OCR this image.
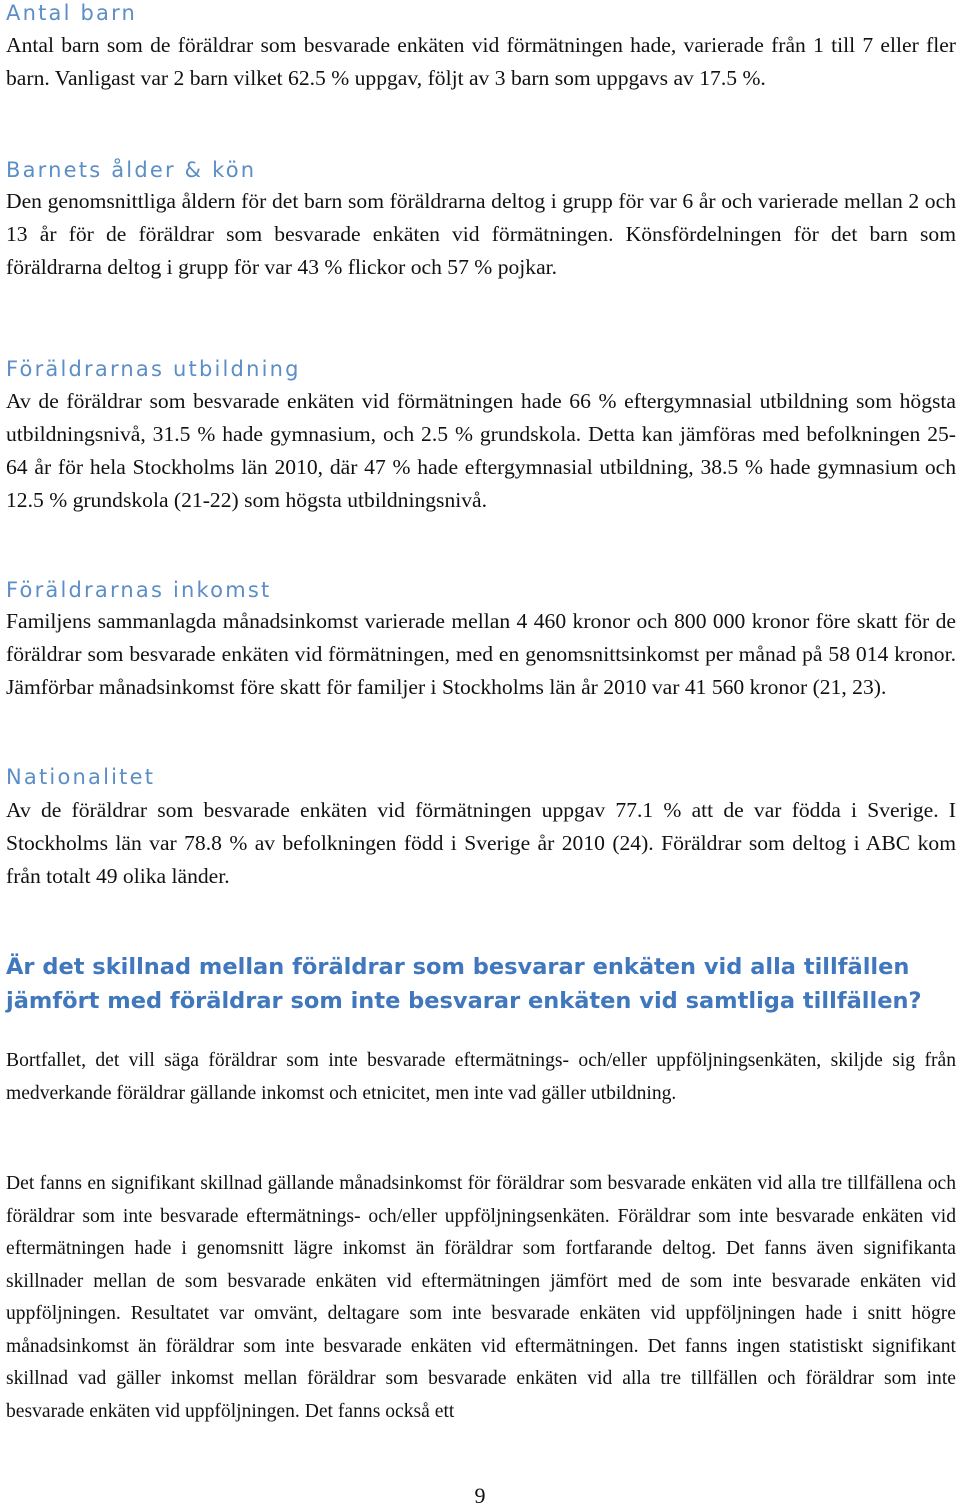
Antal barn

Antal barn som de föräldrar som besvarade enkäten vid förmätningen hade, varierade från 1 till 7 eller fler barn. Vanligast var 2 barn vilket 62.5 % uppgav, följt av 3 barn som uppgavs av 17.5 %.

Barnets ålder & kön

Den genomsnittliga åldern för det barn som föräldrarna deltog i grupp för var 6 år och varierade mellan 2 och 13 år för de föräldrar som besvarade enkäten vid förmätningen. Könsfördelningen för det barn som föräldrarna deltog i grupp för var 43 % flickor och 57 % pojkar.

Föräldrarnas utbildning

Av de föräldrar som besvarade enkäten vid förmätningen hade 66 % eftergymnasial utbildning som högsta utbildningsnivå, 31.5 % hade gymnasium, och 2.5 % grundskola. Detta kan jämföras med befolkningen 25-64 år för hela Stockholms län 2010, där 47 % hade eftergymnasial utbildning, 38.5 % hade gymnasium och 12.5 % grundskola (21-22) som högsta utbildningsnivå.

Föräldrarnas inkomst

Familjens sammanlagda månadsinkomst varierade mellan 4 460 kronor och 800 000 kronor före skatt för de föräldrar som besvarade enkäten vid förmätningen, med en genomsnittsinkomst per månad på 58 014 kronor. Jämförbar månadsinkomst före skatt för familjer i Stockholms län år 2010 var 41 560 kronor (21, 23).

Nationalitet

Av de föräldrar som besvarade enkäten vid förmätningen uppgav 77.1 % att de var födda i Sverige. I Stockholms län var 78.8 % av befolkningen född i Sverige år 2010 (24). Föräldrar som deltog i ABC kom från totalt 49 olika länder.

Är det skillnad mellan föräldrar som besvarar enkäten vid alla tillfällen jämfört med föräldrar som inte besvarar enkäten vid samtliga tillfällen?

Bortfallet, det vill säga föräldrar som inte besvarade eftermätnings- och/eller uppföljningsenkäten, skiljde sig från medverkande föräldrar gällande inkomst och etnicitet, men inte vad gäller utbildning.

Det fanns en signifikant skillnad gällande månadsinkomst för föräldrar som besvarade enkäten vid alla tre tillfällena och föräldrar som inte besvarade eftermätnings- och/eller uppföljningsenkäten. Föräldrar som inte besvarade enkäten vid eftermätningen hade i genomsnitt lägre inkomst än föräldrar som fortfarande deltog. Det fanns även signifikanta skillnader mellan de som besvarade enkäten vid eftermätningen jämfört med de som inte besvarade enkäten vid uppföljningen. Resultatet var omvänt, deltagare som inte besvarade enkäten vid uppföljningen hade i snitt högre månadsinkomst än föräldrar som inte besvarade enkäten vid eftermätningen. Det fanns ingen statistiskt signifikant skillnad vad gäller inkomst mellan föräldrar som besvarade enkäten vid alla tre tillfällen och föräldrar som inte besvarade enkäten vid uppföljningen. Det fanns också ett

9
